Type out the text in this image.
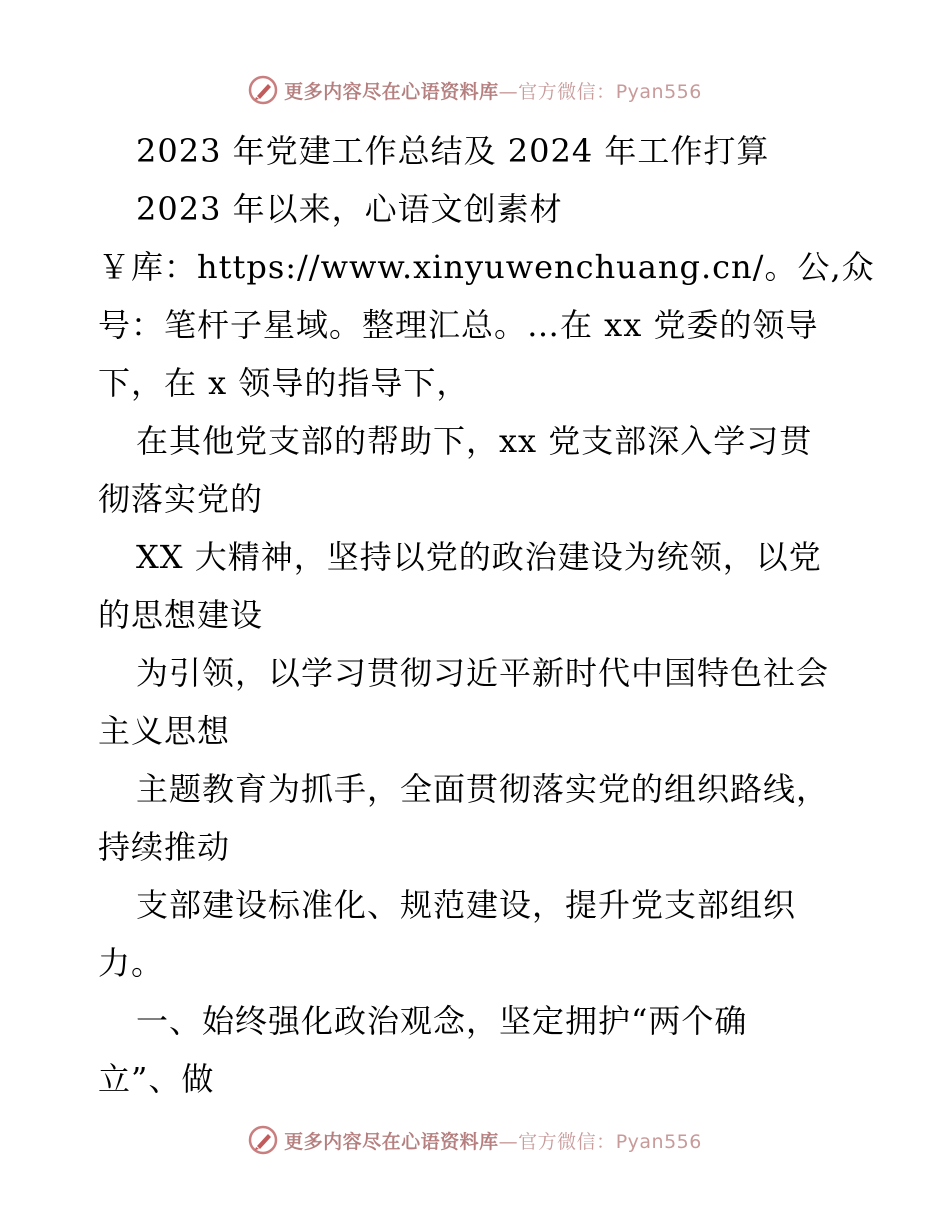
更多内容尽在心语资料库—官方微信：Pyan556
2023 年党建工作总结及 2024 年工作打算
2023 年以来，心语文创素材
￥库：https://www.xinyuwenchuang.cn/。公,众
号：笔杆子星域。整理汇总。…在 xx 党委的领导
下，在 x 领导的指导下，
在其他党支部的帮助下，xx 党支部深入学习贯
彻落实党的
XX 大精神，坚持以党的政治建设为统领，以党
的思想建设
为引领，以学习贯彻习近平新时代中国特色社会
主义思想
主题教育为抓手，全面贯彻落实党的组织路线，
持续推动
支部建设标准化、规范建设，提升党支部组织
力。
一、始终强化政治观念，坚定拥护“两个确
立”、做
更多内容尽在心语资料库—官方微信：Pyan556
